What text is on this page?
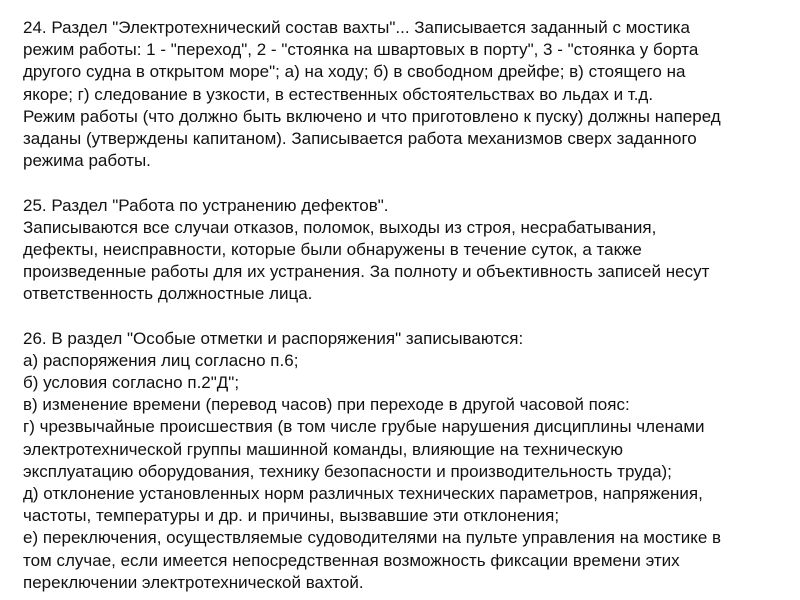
24. Раздел "Электротехнический состав вахты"... Записывается заданный с мостика
режим работы: 1 - "переход", 2 - "стоянка на швартовых в порту", 3 - "стоянка у борта
другого судна в открытом море"; а) на ходу; б) в свободном дрейфе; в) стоящего на
якоре; г) следование в узкости, в естественных обстоятельствах во льдах и т.д.
Режим работы (что должно быть включено и что приготовлено к пуску) должны наперед
заданы (утверждены капитаном). Записывается работа механизмов сверх заданного
режима работы.
25. Раздел "Работа по устранению дефектов".
Записываются все случаи отказов, поломок, выходы из строя, несрабатывания,
дефекты, неисправности, которые были обнаружены в течение суток, а также
произведенные работы для их устранения. За полноту и объективность записей несут
ответственность должностные лица.
26. В раздел "Особые отметки и распоряжения" записываются:
а) распоряжения лиц согласно п.6;
б) условия согласно п.2"Д";
в) изменение времени (перевод часов) при переходе в другой часовой пояс:
г) чрезвычайные происшествия (в том числе грубые нарушения дисциплины членами
электротехнической группы машинной команды, влияющие на техническую
эксплуатацию оборудования, технику безопасности и производительность труда);
д) отклонение установленных норм различных технических параметров, напряжения,
частоты, температуры и др. и причины, вызвавшие эти отклонения;
е) переключения, осуществляемые судоводителями на пульте управления на мостике в
том случае, если имеется непосредственная возможность фиксации времени этих
переключении электротехнической вахтой.
